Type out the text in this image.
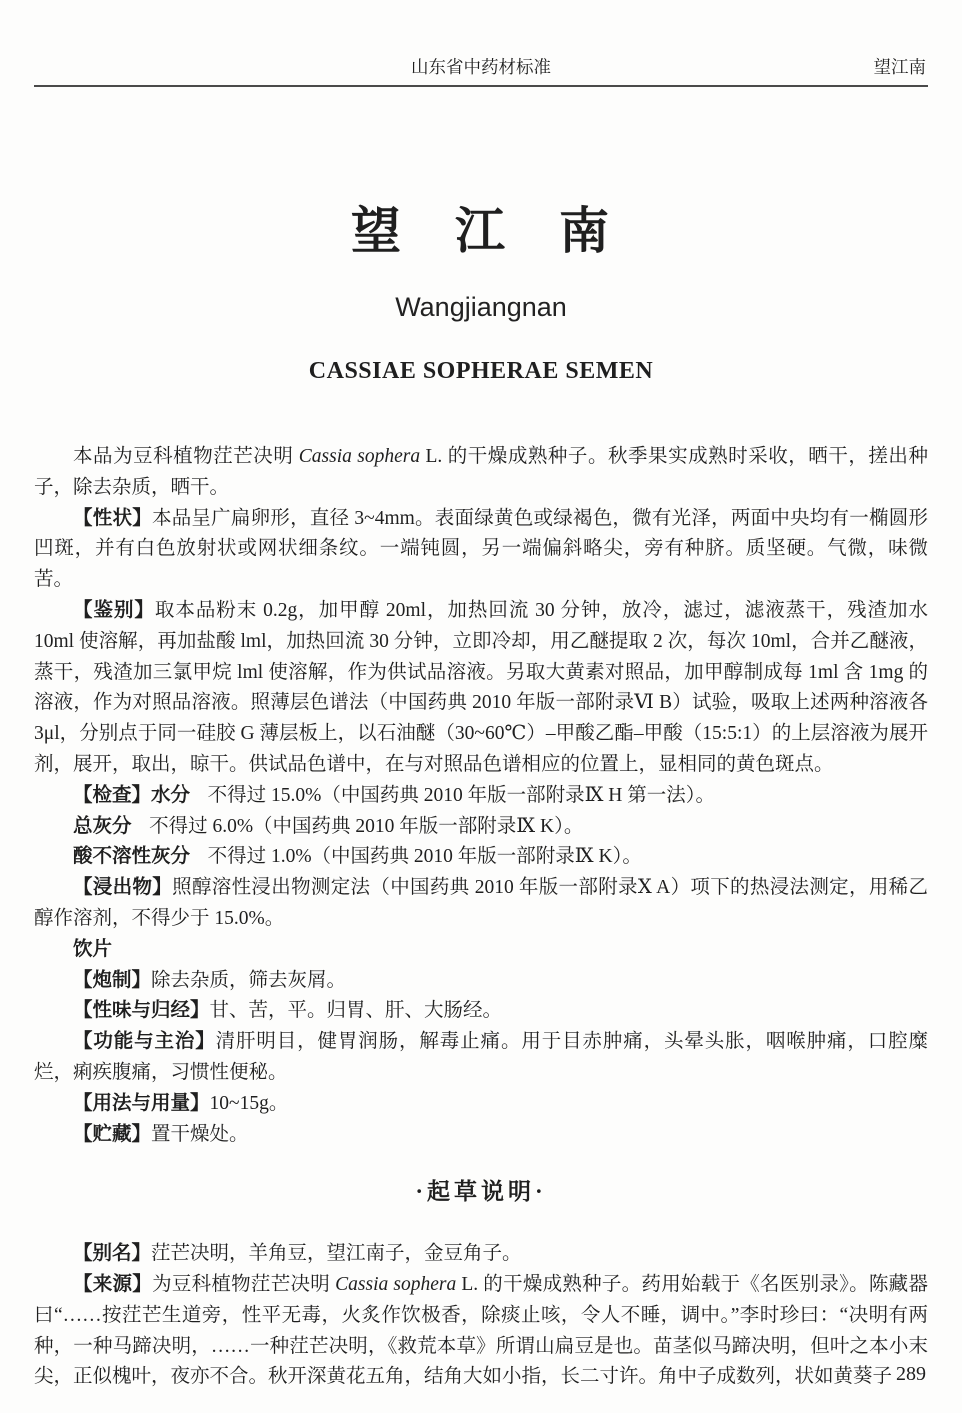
山东省中药材标准	望江南
望　江　南
Wangjiangnan
CASSIAE SOPHERAE SEMEN

本品为豆科植物茳芒决明 Cassia sophera L. 的干燥成熟种子。秋季果实成熟时采收，晒干，搓出种子，除去杂质，晒干。

【性状】本品呈广扁卵形，直径 3~4mm。表面绿黄色或绿褐色，微有光泽，两面中央均有一椭圆形凹斑，并有白色放射状或网状细条纹。一端钝圆，另一端偏斜略尖，旁有种脐。质坚硬。气微，味微苦。

【鉴别】取本品粉末 0.2g，加甲醇 20ml，加热回流 30 分钟，放冷，滤过，滤液蒸干，残渣加水10ml 使溶解，再加盐酸 lml，加热回流 30 分钟，立即冷却，用乙醚提取 2 次，每次 10ml，合并乙醚液，蒸干，残渣加三氯甲烷 lml 使溶解，作为供试品溶液。另取大黄素对照品，加甲醇制成每 1ml 含 1mg 的溶液，作为对照品溶液。照薄层色谱法（中国药典 2010 年版一部附录Ⅵ B）试验，吸取上述两种溶液各 3μl，分别点于同一硅胶 G 薄层板上，以石油醚（30~60℃）–甲酸乙酯–甲酸（15:5:1）的上层溶液为展开剂，展开，取出，晾干。供试品色谱中，在与对照品色谱相应的位置上，显相同的黄色斑点。

【检查】水分 不得过 15.0%（中国药典 2010 年版一部附录Ⅸ H 第一法）。

总灰分 不得过 6.0%（中国药典 2010 年版一部附录Ⅸ K）。

酸不溶性灰分 不得过 1.0%（中国药典 2010 年版一部附录Ⅸ K）。

【浸出物】照醇溶性浸出物测定法（中国药典 2010 年版一部附录Ⅹ A）项下的热浸法测定，用稀乙醇作溶剂，不得少于 15.0%。

饮片

【炮制】除去杂质，筛去灰屑。

【性味与归经】甘、苦，平。归胃、肝、大肠经。

【功能与主治】清肝明目，健胃润肠，解毒止痛。用于目赤肿痛，头晕头胀，咽喉肿痛，口腔糜烂，痢疾腹痛，习惯性便秘。

【用法与用量】10~15g。

【贮藏】置干燥处。

·起草说明·

【别名】茳芒决明，羊角豆，望江南子，金豆角子。

【来源】为豆科植物茳芒决明 Cassia sophera L. 的干燥成熟种子。药用始载于《名医别录》。陈藏器曰“……按茳芒生道旁，性平无毒，火炙作饮极香，除痰止咳，令人不睡，调中。”李时珍曰：“决明有两种，一种马蹄决明，……一种茳芒决明，《救荒本草》所谓山扁豆是也。苗茎似马蹄决明，但叶之本小末尖，正似槐叶，夜亦不合。秋开深黄花五角，结角大如小指，长二寸许。角中子成数列，状如黄葵子 289
